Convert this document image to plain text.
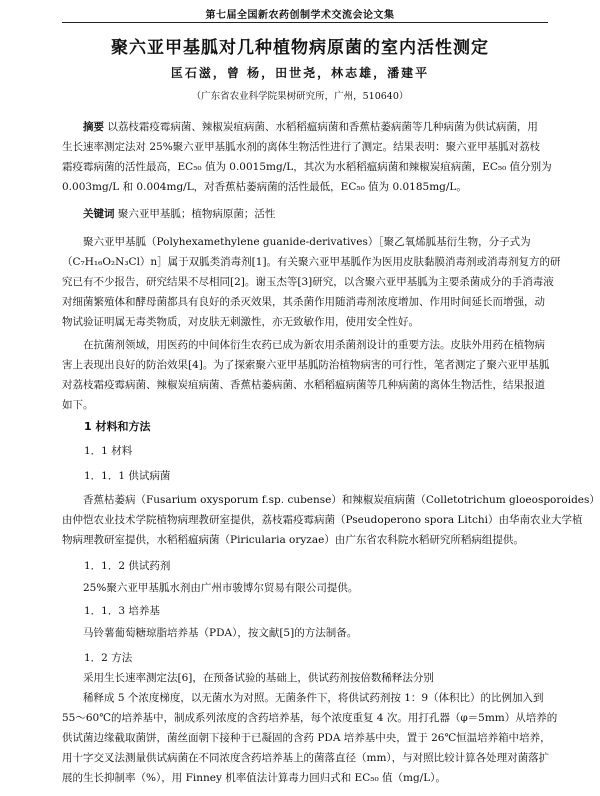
第七届全国新农药创制学术交流会论文集
聚六亚甲基胍对几种植物病原菌的室内活性测定
匡石滋，曾 杨，田世尧，林志雄，潘建平
（广东省农业科学院果树研究所，广州，510640）
摘要 以荔枝霜疫霉病菌、辣椒炭疽病菌、水稻稻瘟病菌和香蕉枯萎病菌等几种病菌为供试病菌，用
生长速率测定法对 25%聚六亚甲基胍水剂的离体生物活性进行了测定。结果表明：聚六亚甲基胍对荔枝
霜疫霉病菌的活性最高，EC₅₀ 值为 0.0015mg/L，其次为水稻稻瘟病菌和辣椒炭疽病菌，EC₅₀ 值分别为
0.003mg/L 和 0.004mg/L，对香蕉枯萎病菌的活性最低，EC₅₀ 值为 0.0185mg/L。
关键词 聚六亚甲基胍；植物病原菌；活性
聚六亚甲基胍（Polyhexamethylene guanide-derivatives）［聚乙氧烯胍基衍生物，分子式为
（C₇H₁₆O₂N₃Cl）n］属于双胍类消毒剂[1]。有关聚六亚甲基胍作为医用皮肤黏膜消毒剂或消毒剂复方的研
究已有不少报告，研究结果不尽相同[2]。谢玉杰等[3]研究，以含聚六亚甲基胍为主要杀菌成分的手消毒液
对细菌繁殖体和酵母菌都具有良好的杀灭效果，其杀菌作用随消毒剂浓度增加、作用时间延长而增强，动
物试验证明属无毒类物质，对皮肤无刺激性，亦无致敏作用，使用安全性好。
在抗菌剂领域，用医药的中间体衍生农药已成为新农用杀菌剂设计的重要方法。皮肤外用药在植物病
害上表现出良好的防治效果[4]。为了探索聚六亚甲基胍防治植物病害的可行性，笔者测定了聚六亚甲基胍
对荔枝霜疫霉病菌、辣椒炭疽病菌、香蕉枯萎病菌、水稻稻瘟病菌等几种病菌的离体生物活性，结果报道
如下。
1 材料和方法
1．1 材料
1．1．1 供试病菌
香蕉枯萎病（Fusarium oxysporum f.sp. cubense）和辣椒炭疽病菌（Colletotrichum gloeosporoides）
由仲恺农业技术学院植物病理教研室提供，荔枝霜疫霉病菌（Pseudoperono spora Litchi）由华南农业大学植
物病理教研室提供，水稻稻瘟病菌（Piricularia oryzae）由广东省农科院水稻研究所稻病组提供。
1．1．2 供试药剂
25%聚六亚甲基胍水剂由广州市骏博尔贸易有限公司提供。
1．1．3 培养基
马铃薯葡萄糖琼脂培养基（PDA），按文献[5]的方法制备。
1．2 方法
采用生长速率测定法[6]，在预备试验的基础上，供试药剂按倍数稀释法分别
稀释成 5 个浓度梯度，以无菌水为对照。无菌条件下，将供试药剂按 1：9（体积比）的比例加入到
55～60℃的培养基中，制成系列浓度的含药培养基，每个浓度重复 4 次。用打孔器（φ＝5mm）从培养的
供试菌边缘截取菌饼，菌丝面朝下接种于已凝固的含药 PDA 培养基中央，置于 26℃恒温培养箱中培养，
用十字交叉法测量供试病菌在不同浓度含药培养基上的菌落直径（mm），与对照比较计算各处理对菌落扩
展的生长抑制率（%），用 Finney 机率值法计算毒力回归式和 EC₅₀ 值（mg/L）。
